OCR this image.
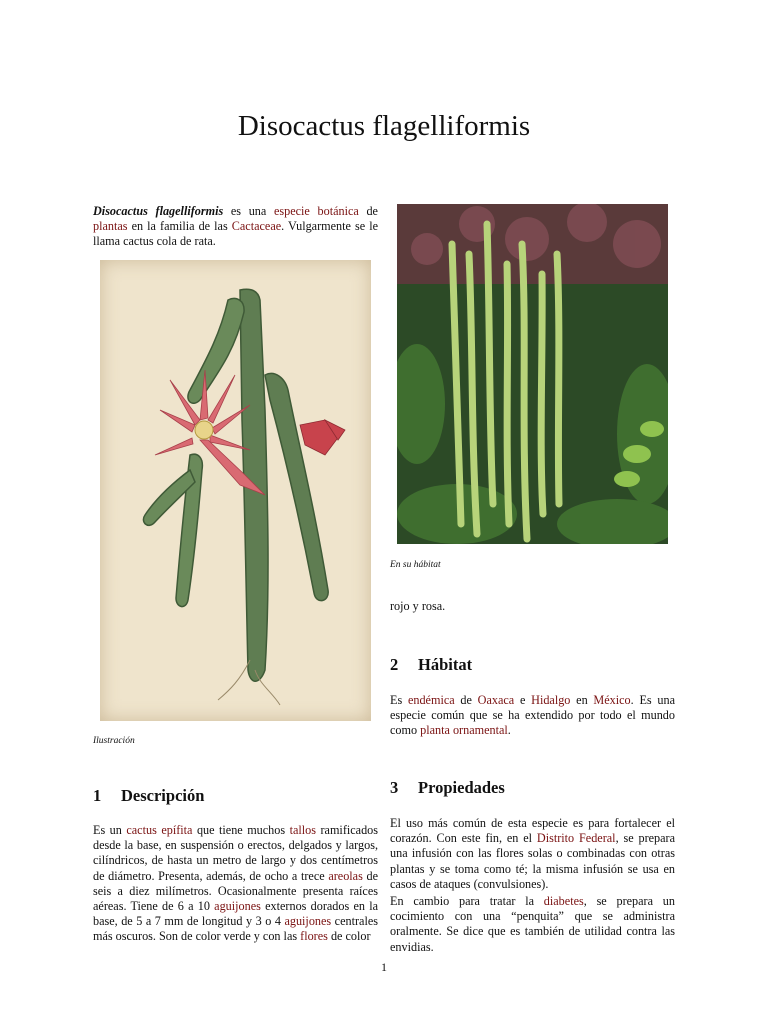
Disocactus flagelliformis

Disocactus flagelliformis es una especie botánica de plantas en la familia de las Cactaceae. Vulgarmente se le llama cactus cola de rata.

Ilustración
En su hábitat
1 Descripción

Es un cactus epífita que tiene muchos tallos ramificados desde la base, en suspensión o erectos, delgados y largos, cilíndricos, de hasta un metro de largo y dos centímetros de diámetro. Presenta, además, de ocho a trece areolas de seis a diez milímetros. Ocasionalmente presenta raíces aéreas. Tiene de 6 a 10 aguijones externos dorados en la base, de 5 a 7 mm de longitud y 3 o 4 aguijones centrales más oscuros. Son de color verde y con las flores de color

rojo y rosa.

2 Hábitat

Es endémica de Oaxaca e Hidalgo en México. Es una especie común que se ha extendido por todo el mundo como planta ornamental.

3 Propiedades

El uso más común de esta especie es para fortalecer el corazón. Con este fin, en el Distrito Federal, se prepara una infusión con las flores solas o combinadas con otras plantas y se toma como té; la misma infusión se usa en casos de ataques (convulsiones).

En cambio para tratar la diabetes, se prepara un cocimiento con una “penquita” que se administra oralmente. Se dice que es también de utilidad contra las envidias.

1
